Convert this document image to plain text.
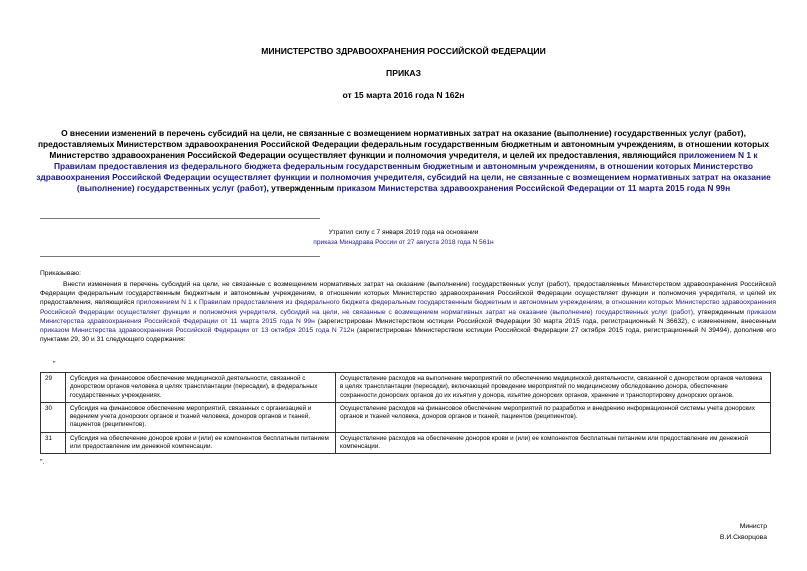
МИНИСТЕРСТВО ЗДРАВООХРАНЕНИЯ РОССИЙСКОЙ ФЕДЕРАЦИИ
ПРИКАЗ
от 15 марта 2016 года N 162н
О внесении изменений в перечень субсидий на цели, не связанные с возмещением нормативных затрат на оказание (выполнение) государственных услуг (работ), предоставляемых Министерством здравоохранения Российской Федерации федеральным государственным бюджетным и автономным учреждениям, в отношении которых Министерство здравоохранения Российской Федерации осуществляет функции и полномочия учредителя, и целей их предоставления, являющийся приложением N 1 к Правилам предоставления из федерального бюджета федеральным государственным бюджетным и автономным учреждениям, в отношении которых Министерство здравоохранения Российской Федерации осуществляет функции и полномочия учредителя, субсидий на цели, не связанные с возмещением нормативных затрат на оказание (выполнение) государственных услуг (работ), утвержденным приказом Министерства здравоохранения Российской Федерации от 11 марта 2015 года N 99н
Утратил силу с 7 января 2019 года на основании
приказа Минздрава России от 27 августа 2018 года N 561н
Приказываю:
Внести изменения в перечень субсидий на цели, не связанные с возмещением нормативных затрат на оказание (выполнение) государственных услуг (работ), предоставляемых Министерством здравоохранения Российской Федерации федеральным государственным бюджетным и автономным учреждениям, в отношении которых Министерство здравоохранения Российской Федерации осуществляет функции и полномочия учредителя, и целей их предоставления, являющийся приложением N 1 к Правилам предоставления из федерального бюджета федеральным государственным бюджетным и автономным учреждениям, в отношении которых Министерство здравоохранения Российской Федерации осуществляет функции и полномочия учредителя, субсидий на цели, не связанные с возмещением нормативных затрат на оказание (выполнение) государственных услуг (работ), утвержденным приказом Министерства здравоохранения Российской Федерации от 11 марта 2015 года N 99н (зарегистрирован Министерством юстиции Российской Федерации 30 марта 2015 года, регистрационный N 36632), с изменением, внесенным приказом Министерства здравоохранения Российской Федерации от 13 октября 2015 года N 712н (зарегистрирован Министерством юстиции Российской Федерации 27 октября 2015 года, регистрационный N 39494), дополнив его пунктами 29, 30 и 31 следующего содержания:
"
29	Субсидия на финансовое обеспечение медицинской деятельности, связанной с донорством органов человека в целях трансплантации (пересадки), в федеральных государственных учреждениях.	Осуществление расходов на выполнение мероприятий по обеспечению медицинской деятельности, связанной с донорством органов человека в целях трансплантации (пересадки), включающей проведение мероприятий по медицинскому обследованию донора, обеспечение сохранности донорских органов до их изъятия у донора, изъятие донорских органов, хранение и транспортировку донорских органов.
30	Субсидия на финансовое обеспечение мероприятий, связанных с организацией и ведением учета донорских органов и тканей человека, доноров органов и тканей, пациентов (реципиентов).	Осуществление расходов на финансовое обеспечение мероприятий по разработке и внедрению информационной системы учета донорских органов и тканей человека, доноров органов и тканей, пациентов (реципиентов).
31	Субсидия на обеспечение доноров крови и (или) ее компонентов бесплатным питанием или предоставление им денежной компенсации.	Осуществление расходов на обеспечение доноров крови и (или) ее компонентов бесплатным питанием или предоставление им денежной компенсации.
".
Министр
В.И.Скворцова
